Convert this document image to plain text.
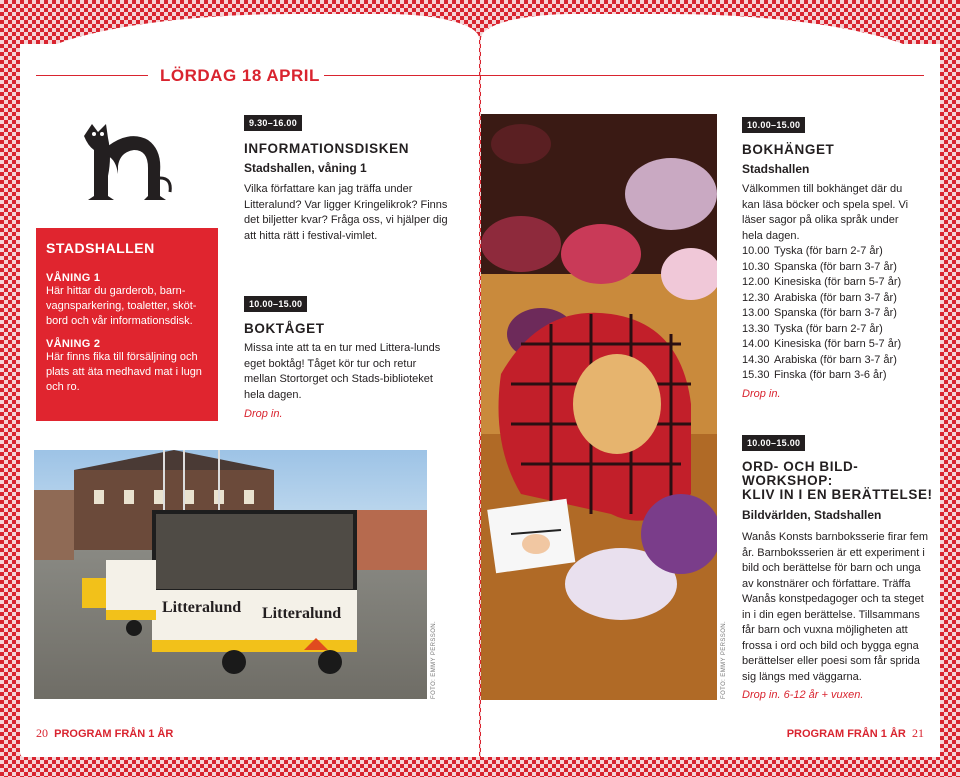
LÖRDAG 18 APRIL
STADSHALLEN
VÅNING 1
Här hittar du garderob, barn-vagnsparkering, toaletter, sköt-bord och vår informationsdisk.
VÅNING 2
Här finns fika till försäljning och plats att äta medhavd mat i lugn och ro.
9.30–16.00
INFORMATIONSDISKEN
Stadshallen, våning 1
Vilka författare kan jag träffa under Litteralund? Var ligger Kringelikrok? Finns det biljetter kvar? Fråga oss, vi hjälper dig att hitta rätt i festival-vimlet.
10.00–15.00
BOKTÅGET
Missa inte att ta en tur med Littera-lunds eget boktåg! Tåget kör tur och retur mellan Stortorget och Stads-biblioteket hela dagen.
Drop in.
Litteralund Litteralund
FOTO: EMMY PERSSON.	FOTO: EMMY PERSSON.
10.00–15.00
BOKHÄNGET
Stadshallen
Välkommen till bokhänget där du kan läsa böcker och spela spel. Vi läser sagor på olika språk under hela dagen.
10.00 Tyska (för barn 2-7 år)
10.30 Spanska (för barn 3-7 år)
12.00 Kinesiska (för barn 5-7 år)
12.30 Arabiska (för barn 3-7 år)
13.00 Spanska (för barn 3-7 år)
13.30 Tyska (för barn 2-7 år)
14.00 Kinesiska (för barn 5-7 år)
14.30 Arabiska (för barn 3-7 år)
15.30 Finska (för barn 3-6 år)
Drop in.
10.00–15.00
ORD- OCH BILD-
WORKSHOP:
KLIV IN I EN BERÄTTELSE!
Bildvärlden, Stadshallen
Wanås Konsts barnboksserie firar fem år. Barnboksserien är ett experiment i bild och berättelse för barn och unga av konstnärer och författare. Träffa Wanås konstpedagoger och ta steget in i din egen berättelse. Tillsammans får barn och vuxna möjligheten att frossa i ord och bild och bygga egna berättelser eller poesi som får sprida sig längs med väggarna.
Drop in. 6-12 år + vuxen.
20 PROGRAM FRÅN 1 ÅR	PROGRAM FRÅN 1 ÅR 21
